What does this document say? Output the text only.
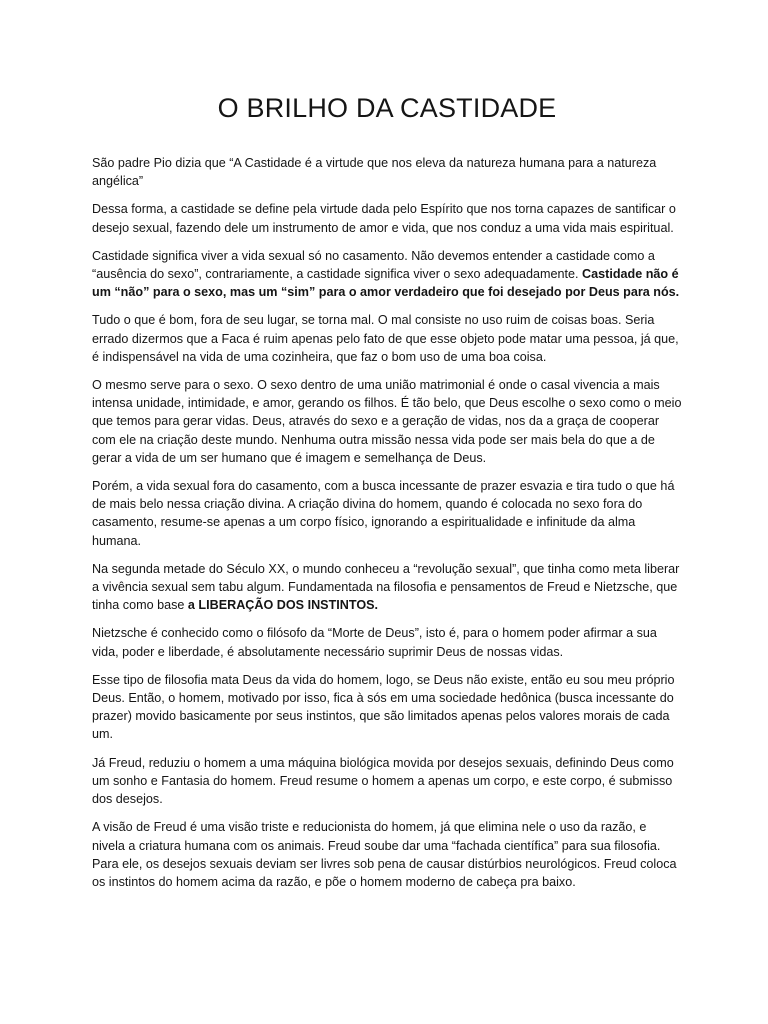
O BRILHO DA CASTIDADE

São padre Pio dizia que “A Castidade é a virtude que nos eleva da natureza humana para a natureza angélica”

Dessa forma, a castidade se define pela virtude dada pelo Espírito que nos torna capazes de santificar o desejo sexual, fazendo dele um instrumento de amor e vida, que nos conduz a uma vida mais espiritual.

Castidade significa viver a vida sexual só no casamento. Não devemos entender a castidade como a “ausência do sexo”, contrariamente, a castidade significa viver o sexo adequadamente. Castidade não é um “não” para o sexo, mas um “sim” para o amor verdadeiro que foi desejado por Deus para nós.

Tudo o que é bom, fora de seu lugar, se torna mal. O mal consiste no uso ruim de coisas boas. Seria errado dizermos que a Faca é ruim apenas pelo fato de que esse objeto pode matar uma pessoa, já que, é indispensável na vida de uma cozinheira, que faz o bom uso de uma boa coisa.

O mesmo serve para o sexo. O sexo dentro de uma união matrimonial é onde o casal vivencia a mais intensa unidade, intimidade, e amor, gerando os filhos. É tão belo, que Deus escolhe o sexo como o meio que temos para gerar vidas. Deus, através do sexo e a geração de vidas, nos da a graça de cooperar com ele na criação deste mundo. Nenhuma outra missão nessa vida pode ser mais bela do que a de gerar a vida de um ser humano que é imagem e semelhança de Deus.

Porém, a vida sexual fora do casamento, com a busca incessante de prazer esvazia e tira tudo o que há de mais belo nessa criação divina. A criação divina do homem, quando é colocada no sexo fora do casamento, resume-se apenas a um corpo físico, ignorando a espiritualidade e infinitude da alma humana.

Na segunda metade do Século XX, o mundo conheceu a “revolução sexual”, que tinha como meta liberar a vivência sexual sem tabu algum. Fundamentada na filosofia e pensamentos de Freud e Nietzsche, que tinha como base a LIBERAÇÃO DOS INSTINTOS.

Nietzsche é conhecido como o filósofo da “Morte de Deus”, isto é, para o homem poder afirmar a sua vida, poder e liberdade, é absolutamente necessário suprimir Deus de nossas vidas.

Esse tipo de filosofia mata Deus da vida do homem, logo, se Deus não existe, então eu sou meu próprio Deus. Então, o homem, motivado por isso, fica à sós em uma sociedade hedônica (busca incessante do prazer) movido basicamente por seus instintos, que são limitados apenas pelos valores morais de cada um.

Já Freud, reduziu o homem a uma máquina biológica movida por desejos sexuais, definindo Deus como um sonho e Fantasia do homem. Freud resume o homem a apenas um corpo, e este corpo, é submisso dos desejos.

A visão de Freud é uma visão triste e reducionista do homem, já que elimina nele o uso da razão, e nivela a criatura humana com os animais. Freud soube dar uma “fachada científica” para sua filosofia. Para ele, os desejos sexuais deviam ser livres sob pena de causar distúrbios neurológicos. Freud coloca os instintos do homem acima da razão, e põe o homem moderno de cabeça pra baixo.
